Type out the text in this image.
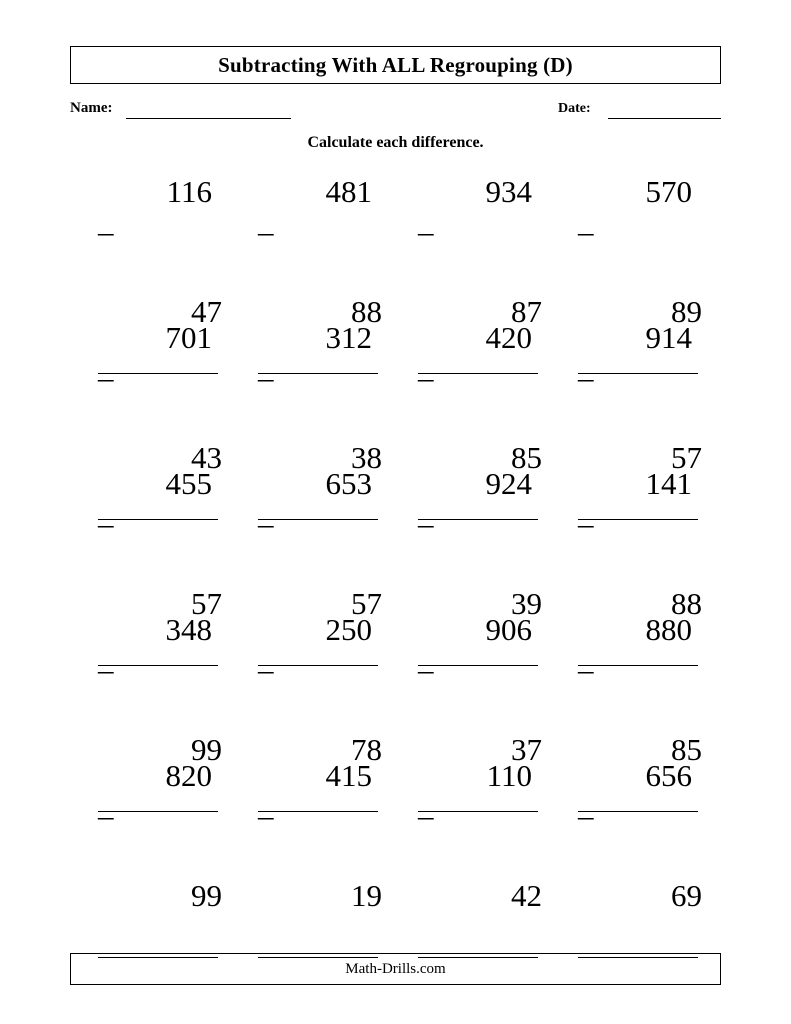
Subtracting With ALL Regrouping (D)
Name:	Date:
Calculate each difference.
116

–

47

481

–

88

934

–

87

570

–

89

701

–

43

312

–

38

420

–

85

914

–

57

455

–

57

653

–

57

924

–

39

141

–

88

348

–

99

250

–

78

906

–

37

880

–

85

820

–

99

415

–

19

110

–

42

656

–

69

Math-Drills.com
